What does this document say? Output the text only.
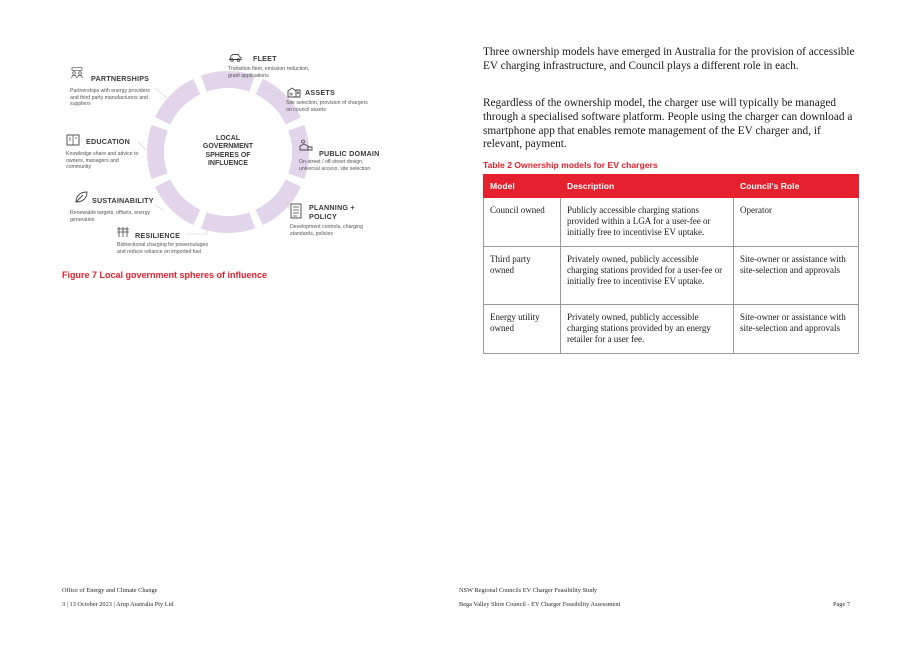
LOCAL
GOVERNMENT
SPHERES OF
INFLUENCE
FLEET
Transition fleet, emission reduction,
grant applications
ASSETS
Site selection, provision of chargers
on council assets
PUBLIC DOMAIN
On-street / off-street design,
universal access, site selection
PLANNING +
POLICY
Development controls, charging
standards, policies
RESILIENCE
Bidirectional charging for poweroutages
and reduce reliance on imported fuel
SUSTAINABILITY
Renewable targets, offsets, energy
generation
EDUCATION
Knowledge share and advice to
owners, managers and
community
PARTNERSHIPS
Partnerships with energy providers
and third party manufacturers and
suppliers
Figure 7 Local government spheres of influence

Three ownership models have emerged in Australia for the provision of accessible EV charging infrastructure, and Council plays a different role in each.

Regardless of the ownership model, the charger use will typically be managed through a specialised software platform. People using the charger can download a smartphone app that enables remote management of the EV charger and, if relevant, payment.

Table 2 Ownership models for EV chargers
Model	Description	Council's Role
Council owned	Publicly accessible charging stations provided within a LGA for a user-fee or initially free to incentivise EV uptake.	Operator
Third party owned	Privately owned, publicly accessible charging stations provided for a user-fee or initially free to incentivise EV uptake.	Site-owner or assistance with site-selection and approvals
Energy utility owned	Privately owned, publicly accessible charging stations provided by an energy retailer for a user fee.	Site-owner or assistance with site-selection and approvals
Office of Energy and Climate Change
3 | 13 October 2023 | Arup Australia Pty Ltd
NSW Regional Councils EV Charger Feasibility Study
Bega Valley Shire Council - EV Charger Feasibility Assessment	Page 7
